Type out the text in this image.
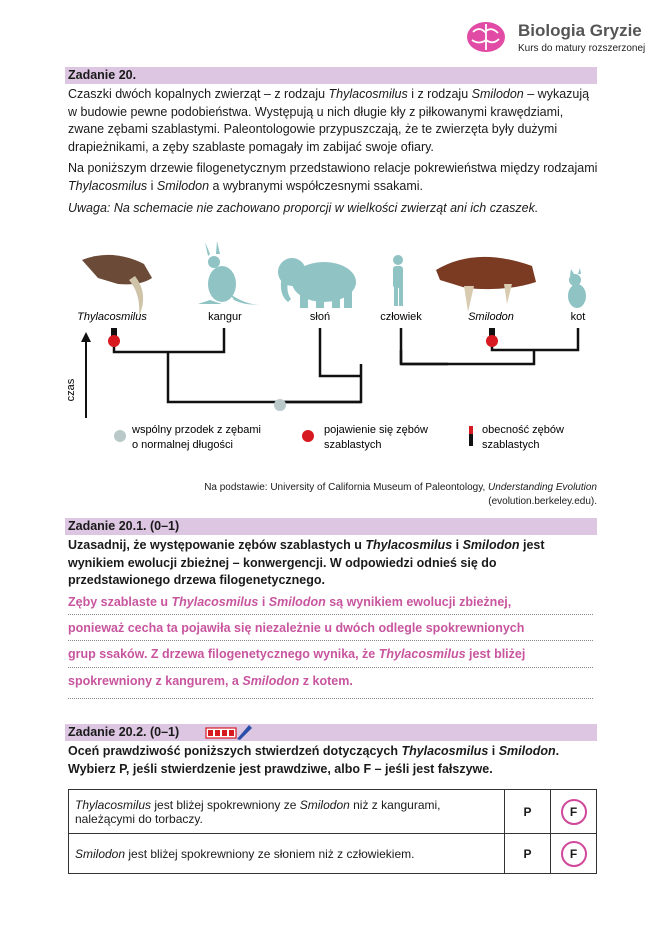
Biologia Gryzie
Kurs do matury rozszerzonej
Zadanie 20.
Czaszki dwóch kopalnych zwierząt – z rodzaju Thylacosmilus i z rodzaju Smilodon – wykazują w budowie pewne podobieństwa. Występują u nich długie kły z piłkowanymi krawędziami, zwane zębami szablastymi. Paleontologowie przypuszczają, że te zwierzęta były dużymi drapieżnikami, a zęby szablaste pomagały im zabijać swoje ofiary.
Na poniższym drzewie filogenetycznym przedstawiono relacje pokrewieństwa między rodzajami Thylacosmilus i Smilodon a wybranymi współczesnymi ssakami.
Uwaga: Na schemacie nie zachowano proporcji w wielkości zwierząt ani ich czaszek.
Thylacosmilus	kangur	słoń	człowiek	Smilodon	kot
czas
wspólny przodek z zębami
o normalnej długości
pojawienie się zębów
szablastych
obecność zębów
szablastych
Na podstawie: University of California Museum of Paleontology, Understanding Evolution
(evolution.berkeley.edu).
Zadanie 20.1. (0–1)
Uzasadnij, że występowanie zębów szablastych u Thylacosmilus i Smilodon jest wynikiem ewolucji zbieżnej – konwergencji. W odpowiedzi odnieś się do przedstawionego drzewa filogenetycznego.
Zęby szablaste u Thylacosmilus i Smilodon są wynikiem ewolucji zbieżnej,
ponieważ cecha ta pojawiła się niezależnie u dwóch odlegle spokrewnionych
grup ssaków. Z drzewa filogenetycznego wynika, że Thylacosmilus jest bliżej
spokrewniony z kangurem, a Smilodon z kotem.
Zadanie 20.2. (0–1)
Oceń prawdziwość poniższych stwierdzeń dotyczących Thylacosmilus i Smilodon.
Wybierz P, jeśli stwierdzenie jest prawdziwe, albo F – jeśli jest fałszywe.
Thylacosmilus jest bliżej spokrewniony ze Smilodon niż z kangurami, należącymi do torbaczy.	P	F
Smilodon jest bliżej spokrewniony ze słoniem niż z człowiekiem.	P	F
